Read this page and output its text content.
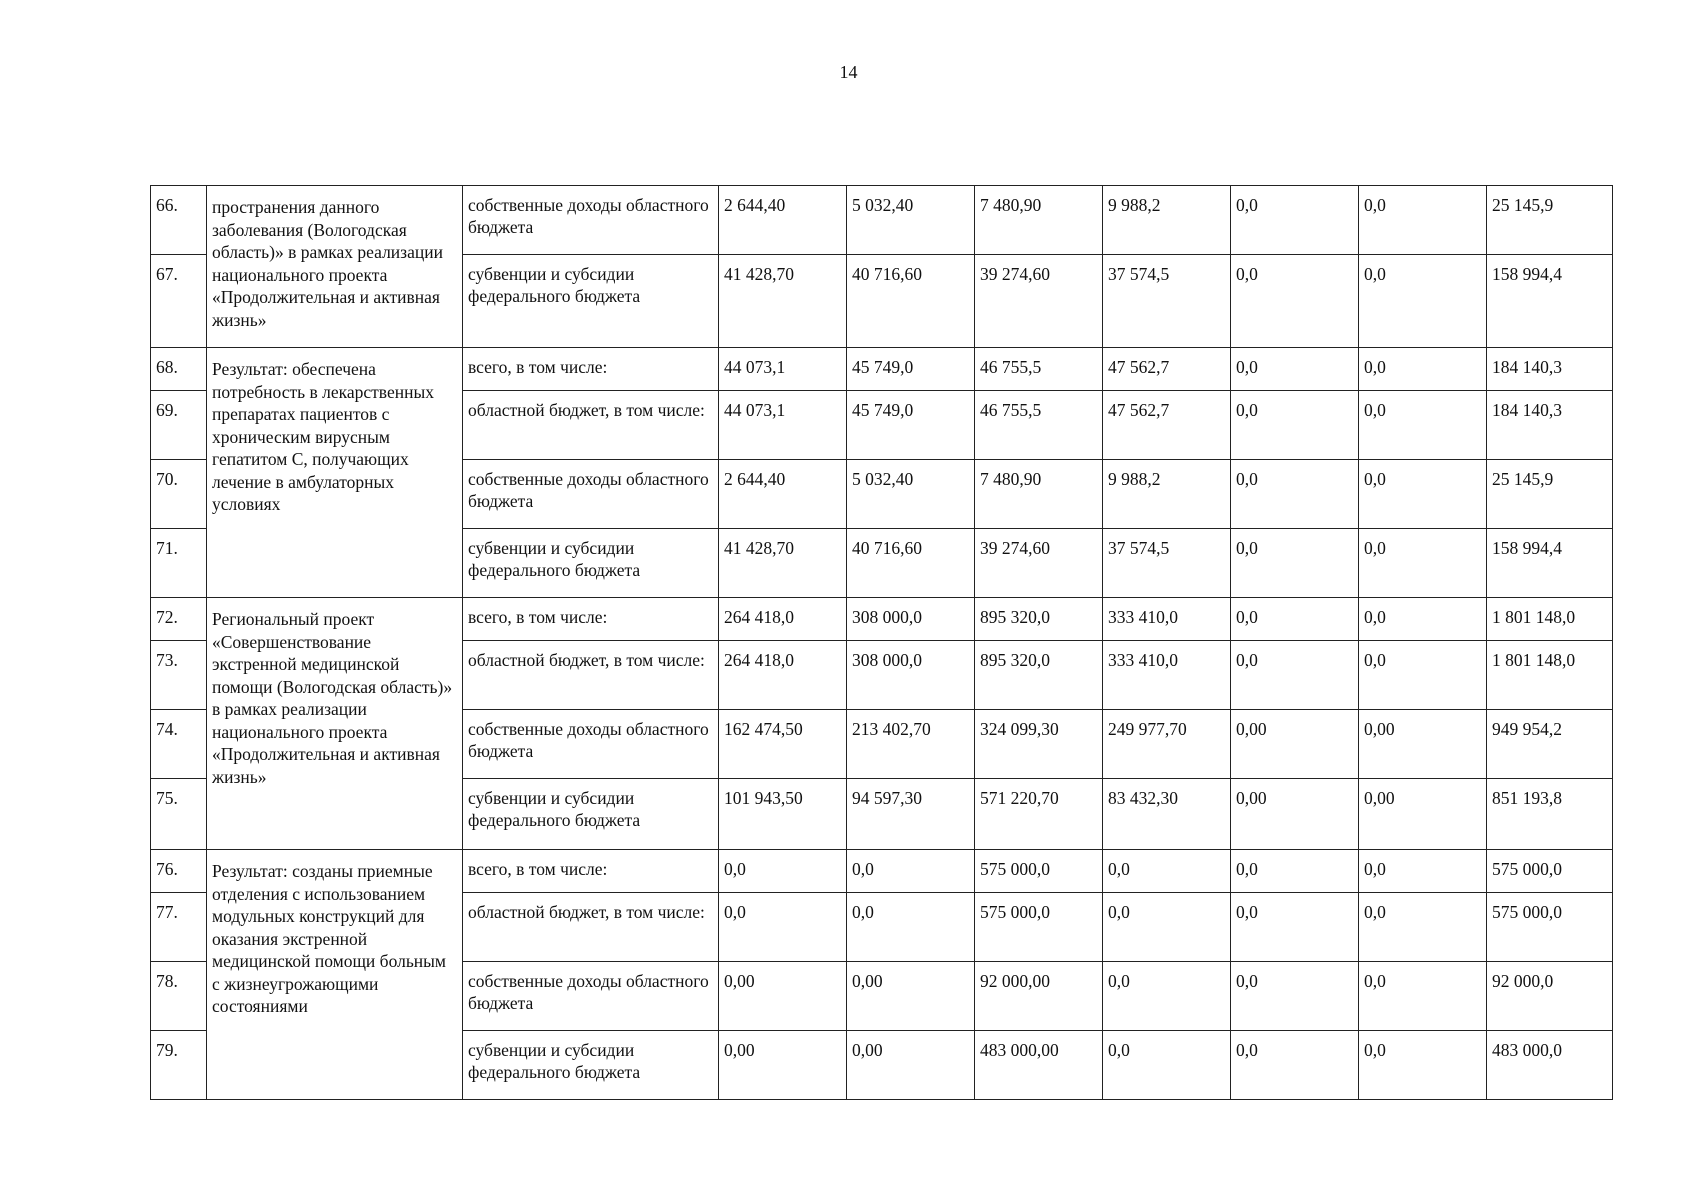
14
66.	пространения данного заболевания (Вологодская область)» в рамках реализации национального проекта «Продолжительная и активная жизнь»	собственные доходы областного бюджета	2 644,40	5 032,40	7 480,90	9 988,2	0,0	0,0	25 145,9
67.		субвенции и субсидии федерального бюджета	41 428,70	40 716,60	39 274,60	37 574,5	0,0	0,0	158 994,4
68.	Результат: обеспечена потребность в лекарственных препаратах пациентов с хроническим вирусным гепатитом С, получающих лечение в амбулаторных условиях	всего, в том числе:	44 073,1	45 749,0	46 755,5	47 562,7	0,0	0,0	184 140,3
69.		областной бюджет, в том числе:	44 073,1	45 749,0	46 755,5	47 562,7	0,0	0,0	184 140,3
70.		собственные доходы областного бюджета	2 644,40	5 032,40	7 480,90	9 988,2	0,0	0,0	25 145,9
71.		субвенции и субсидии федерального бюджета	41 428,70	40 716,60	39 274,60	37 574,5	0,0	0,0	158 994,4
72.	Региональный проект «Совершенствование экстренной медицинской помощи (Вологодская область)» в рамках реализации национального проекта «Продолжительная и активная жизнь»	всего, в том числе:	264 418,0	308 000,0	895 320,0	333 410,0	0,0	0,0	1 801 148,0
73.		областной бюджет, в том числе:	264 418,0	308 000,0	895 320,0	333 410,0	0,0	0,0	1 801 148,0
74.		собственные доходы областного бюджета	162 474,50	213 402,70	324 099,30	249 977,70	0,00	0,00	949 954,2
75.		субвенции и субсидии федерального бюджета	101 943,50	94 597,30	571 220,70	83 432,30	0,00	0,00	851 193,8
76.	Результат: созданы приемные отделения с использованием модульных конструкций для оказания экстренной медицинской помощи больным с жизнеугрожающими состояниями	всего, в том числе:	0,0	0,0	575 000,0	0,0	0,0	0,0	575 000,0
77.		областной бюджет, в том числе:	0,0	0,0	575 000,0	0,0	0,0	0,0	575 000,0
78.		собственные доходы областного бюджета	0,00	0,00	92 000,00	0,0	0,0	0,0	92 000,0
79.		субвенции и субсидии федерального бюджета	0,00	0,00	483 000,00	0,0	0,0	0,0	483 000,0
